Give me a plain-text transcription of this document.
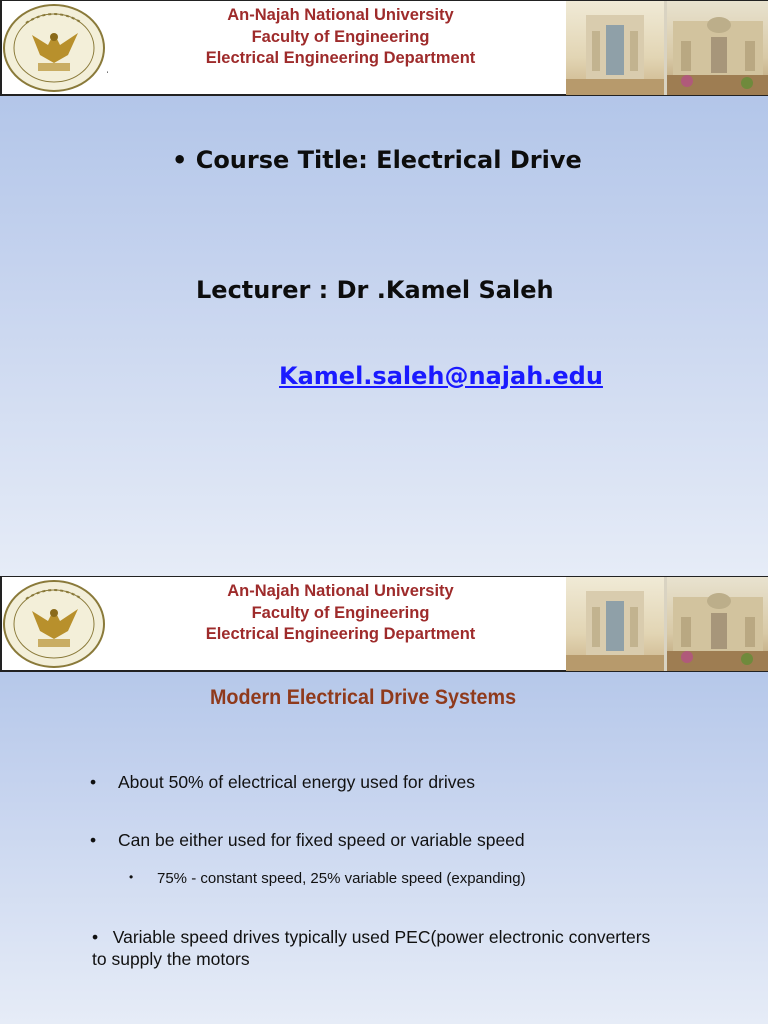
An-Najah National University
Faculty of Engineering
Electrical Engineering Department
• Course Title: Electrical Drive
Lecturer : Dr .Kamel Saleh
Kamel.saleh@najah.edu
An-Najah National University
Faculty of Engineering
Electrical Engineering Department
Modern Electrical Drive Systems
• About 50% of electrical energy used for drives
• Can be either used for fixed speed or variable speed
• 75% - constant speed, 25% variable speed (expanding)
• Variable speed drives typically used PEC(power electronic converters
to supply the motors
